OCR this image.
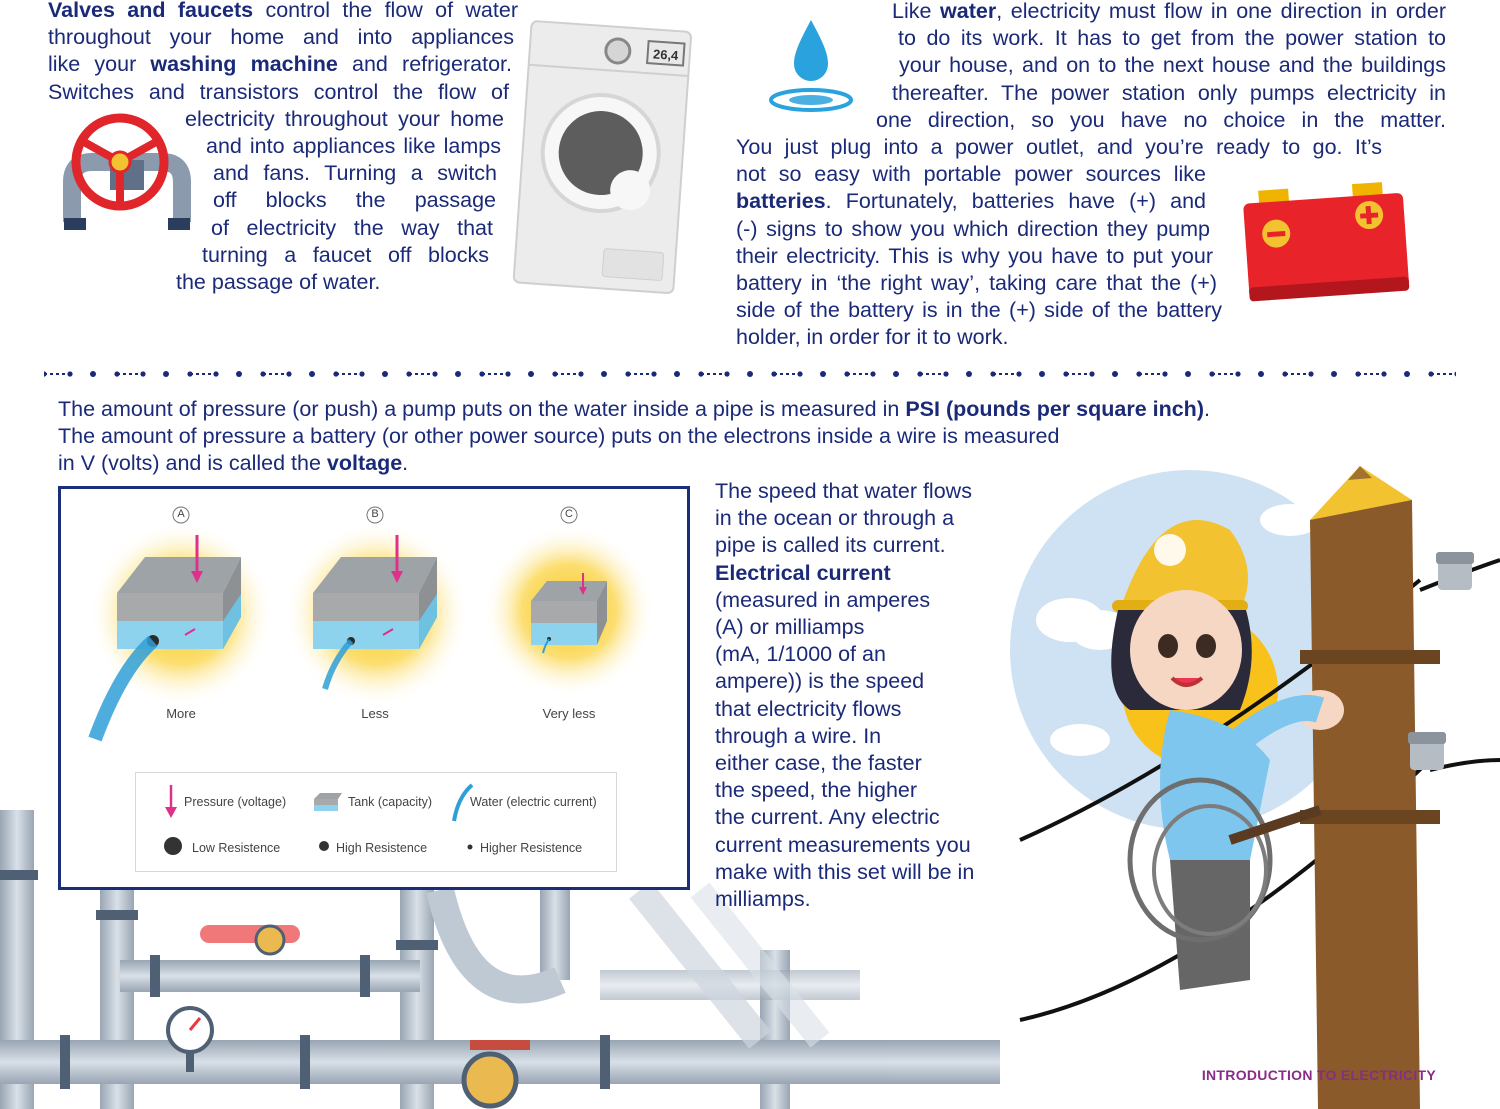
Valves and faucets control the flow of water
throughout your home and into appliances
like your washing machine and refrigerator.
Switches and transistors control the flow of
electricity throughout your home
and into appliances like lamps
and fans. Turning a switch
off blocks the passage
of electricity the way that
turning a faucet off blocks
the passage of water.
26,4
Like water, electricity must flow in one direction in order
to do its work. It has to get from the power station to
your house, and on to the next house and the buildings
thereafter. The power station only pumps electricity in
one direction, so you have no choice in the matter.
You just plug into a power outlet, and you’re ready to go. It’s
not so easy with portable power sources like
batteries. Fortunately, batteries have (+) and
(-) signs to show you which direction they pump
their electricity. This is why you have to put your
battery in ‘the right way’, taking care that the (+)
side of the battery is in the (+) side of the battery
holder, in order for it to work.
The amount of pressure (or push) a pump puts on the water inside a pipe is measured in PSI (pounds per square inch).
The amount of pressure a battery (or other power source) puts on the electrons inside a wire is measured
in V (volts) and is called the voltage.
A	B	C
More	Less	Very less
Pressure (voltage)	Tank (capacity)	Water (electric current)
Low Resistence	High Resistence	Higher Resistence
The speed that water flows
in the ocean or through a
pipe is called its current.
Electrical current
(measured in amperes
(A) or milliamps
(mA, 1/1000 of an
ampere)) is the speed
that electricity flows
through a wire. In
either case, the faster
the speed, the higher
the current. Any electric
current measurements you
make with this set will be in
milliamps.
INTRODUCTION TO ELECTRICITY
